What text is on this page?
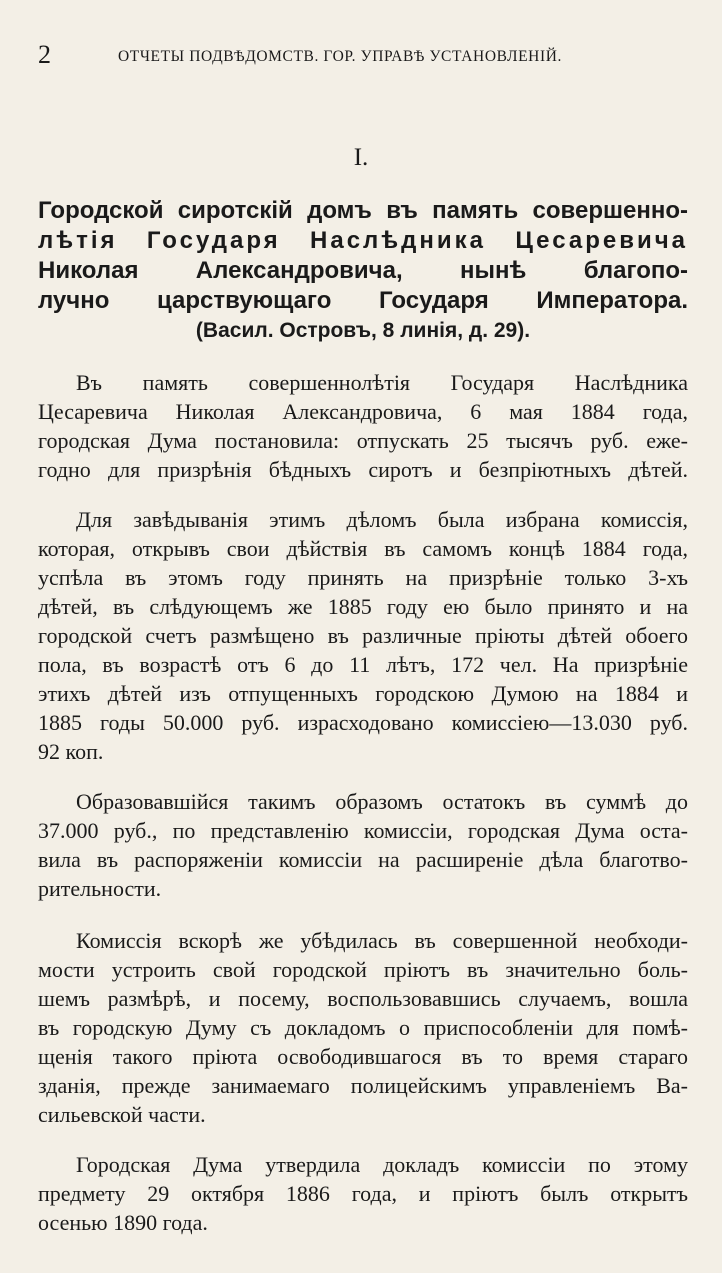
2	ОТЧЕТЫ ПОДВѢДОМСТВ. ГОР. УПРАВѢ УСТАНОВЛЕНIЙ.
I.
Городской сиротскiй домъ въ память совершенно-
лѣтiя Государя Наслѣдника Цесаревича
Николая Александровича, нынѣ благопо-
лучно царствующаго Государя Императора.
(Васил. Островъ, 8 линiя, д. 29).
Въ память совершеннолѣтiя Государя Наслѣдника
Цесаревича Николая Александровича, 6 мая 1884 года,
городская Дума постановила: отпускать 25 тысячъ руб. еже-
годно для призрѣнiя бѣдныхъ сиротъ и безпрiютныхъ дѣтей.
Для завѣдыванiя этимъ дѣломъ была избрана комиссiя,
которая, открывъ свои дѣйствiя въ самомъ концѣ 1884 года,
успѣла въ этомъ году принять на призрѣнiе только 3-хъ
дѣтей, въ слѣдующемъ же 1885 году ею было принято и на
городской счетъ размѣщено въ различные прiюты дѣтей обоего
пола, въ возрастѣ отъ 6 до 11 лѣтъ, 172 чел. На призрѣнiе
этихъ дѣтей изъ отпущенныхъ городскою Думою на 1884 и
1885 годы 50.000 руб. израсходовано комиссiею—13.030 руб.
92 коп.
Образовавшiйся такимъ образомъ остатокъ въ суммѣ до
37.000 руб., по представленiю комиссiи, городская Дума оста-
вила въ распоряженiи комиссiи на расширенiе дѣла благотво-
рительности.
Комиссiя вскорѣ же убѣдилась въ совершенной необходи-
мости устроить свой городской прiютъ въ значительно боль-
шемъ размѣрѣ, и посему, воспользовавшись случаемъ, вошла
въ городскую Думу съ докладомъ о приспособленiи для помѣ-
щенiя такого прiюта освободившагося въ то время стараго
зданiя, прежде занимаемаго полицейскимъ управленiемъ Ва-
сильевской части.
Городская Дума утвердила докладъ комиссiи по этому
предмету 29 октября 1886 года, и прiютъ былъ открытъ
осенью 1890 года.
